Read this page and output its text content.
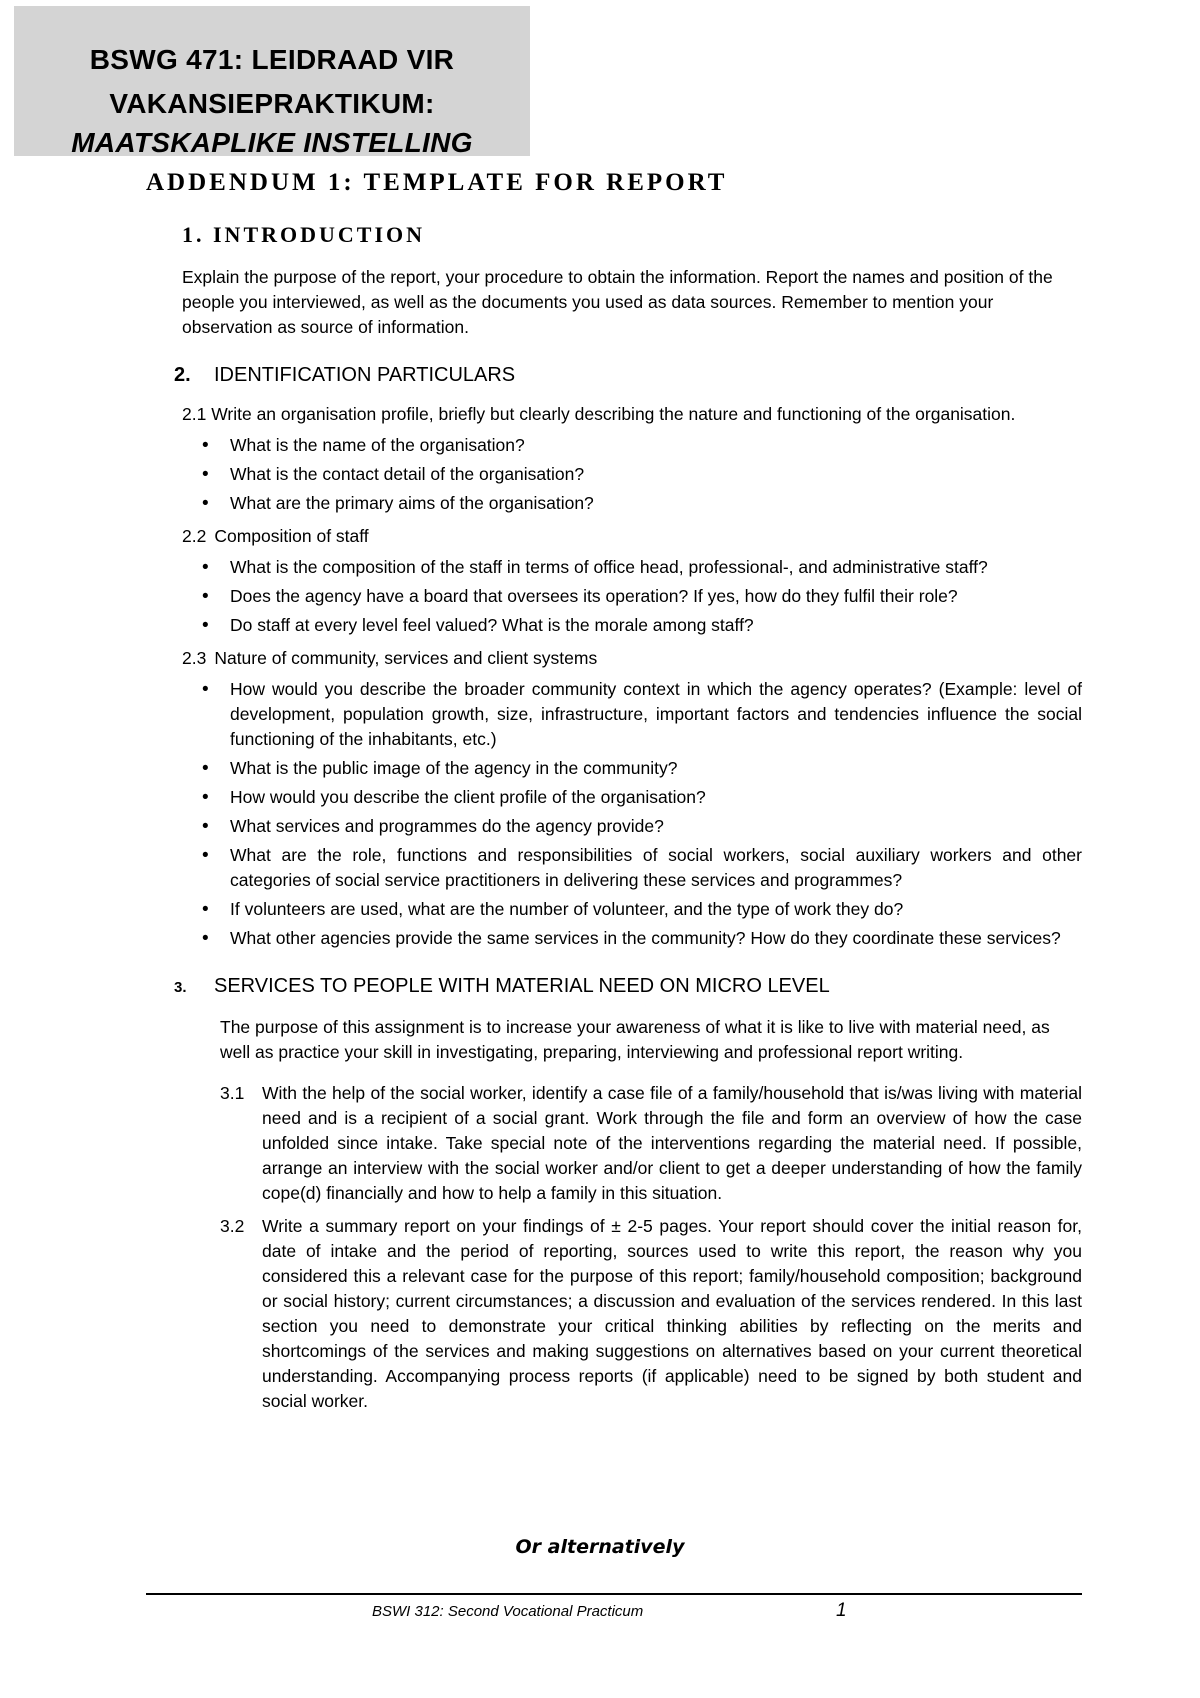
BSWG 471: LEIDRAAD VIR
VAKANSIEPRAKTIKUM:
MAATSKAPLIKE INSTELLING
ADDENDUM 1: TEMPLATE FOR REPORT
1. INTRODUCTION

Explain the purpose of the report, your procedure to obtain the information. Report the names and position of the people you interviewed, as well as the documents you used as data sources. Remember to mention your observation as source of information.

2. IDENTIFICATION PARTICULARS
2.1 Write an organisation profile, briefly but clearly describing the nature and functioning of the organisation.
• What is the name of the organisation?
• What is the contact detail of the organisation?
• What are the primary aims of the organisation?
2.2 Composition of staff
• What is the composition of the staff in terms of office head, professional-, and administrative staff?
• Does the agency have a board that oversees its operation? If yes, how do they fulfil their role?
• Do staff at every level feel valued? What is the morale among staff?
2.3 Nature of community, services and client systems
• How would you describe the broader community context in which the agency operates? (Example: level of development, population growth, size, infrastructure, important factors and tendencies influence the social functioning of the inhabitants, etc.)
• What is the public image of the agency in the community?
• How would you describe the client profile of the organisation?
• What services and programmes do the agency provide?
• What are the role, functions and responsibilities of social workers, social auxiliary workers and other categories of social service practitioners in delivering these services and programmes?
• If volunteers are used, what are the number of volunteer, and the type of work they do?
• What other agencies provide the same services in the community? How do they coordinate these services?
3. SERVICES TO PEOPLE WITH MATERIAL NEED ON MICRO LEVEL

The purpose of this assignment is to increase your awareness of what it is like to live with material need, as well as practice your skill in investigating, preparing, interviewing and professional report writing.

3.1 With the help of the social worker, identify a case file of a family/household that is/was living with material need and is a recipient of a social grant. Work through the file and form an overview of how the case unfolded since intake. Take special note of the interventions regarding the material need. If possible, arrange an interview with the social worker and/or client to get a deeper understanding of how the family cope(d) financially and how to help a family in this situation.
3.2 Write a summary report on your findings of ± 2-5 pages. Your report should cover the initial reason for, date of intake and the period of reporting, sources used to write this report, the reason why you considered this a relevant case for the purpose of this report; family/household composition; background or social history; current circumstances; a discussion and evaluation of the services rendered. In this last section you need to demonstrate your critical thinking abilities by reflecting on the merits and shortcomings of the services and making suggestions on alternatives based on your current theoretical understanding. Accompanying process reports (if applicable) need to be signed by both student and social worker.
Or alternatively
BSWI 312: Second Vocational Practicum	1
